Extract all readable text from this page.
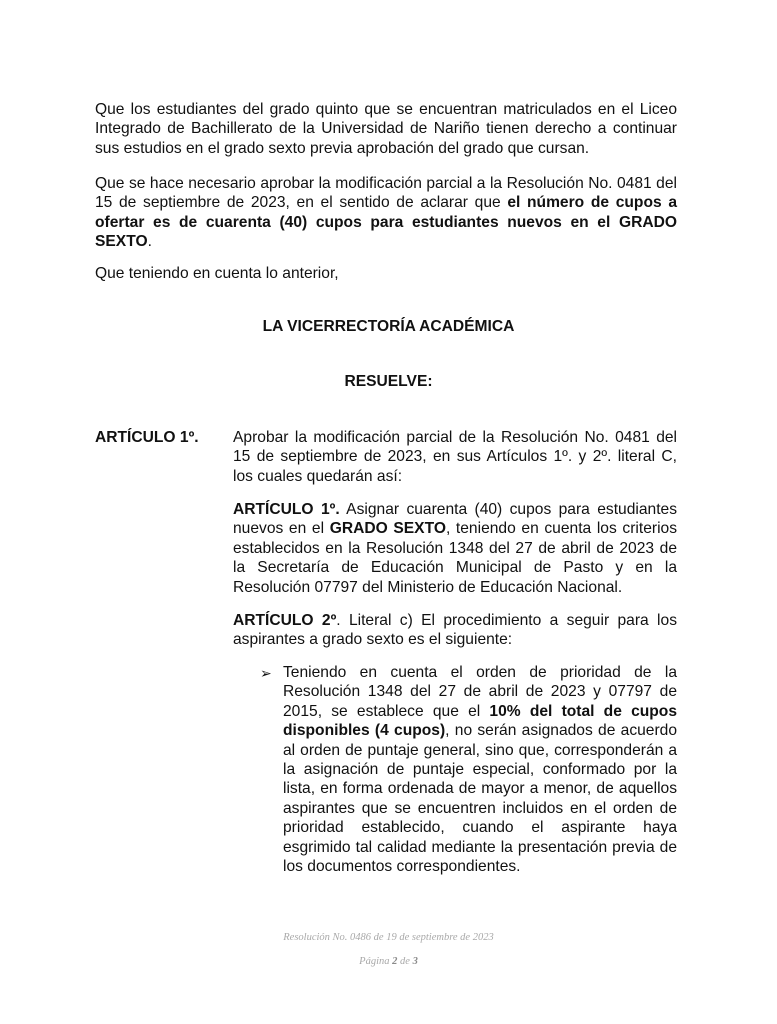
Que los estudiantes del grado quinto que se encuentran matriculados en el Liceo
Integrado de Bachillerato de la Universidad de Nariño tienen derecho a continuar
sus estudios en el grado sexto previa aprobación del grado que cursan.
Que se hace necesario aprobar la modificación parcial a la Resolución No. 0481 del
15 de septiembre de 2023, en el sentido de aclarar que el número de cupos a
ofertar es de cuarenta (40) cupos para estudiantes nuevos en el GRADO
SEXTO.
Que teniendo en cuenta lo anterior,
LA VICERRECTORÍA ACADÉMICA
RESUELVE:
ARTÍCULO 1º. Aprobar la modificación parcial de la Resolución No. 0481 del
15 de septiembre de 2023, en sus Artículos 1º. y 2º. literal C,
los cuales quedarán así:
ARTÍCULO 1º. Asignar cuarenta (40) cupos para estudiantes
nuevos en el GRADO SEXTO, teniendo en cuenta los criterios
establecidos en la Resolución 1348 del 27 de abril de 2023 de
la Secretaría de Educación Municipal de Pasto y en la
Resolución 07797 del Ministerio de Educación Nacional.
ARTÍCULO 2º. Literal c) El procedimiento a seguir para los
aspirantes a grado sexto es el siguiente:
➢ Teniendo en cuenta el orden de prioridad de la
Resolución 1348 del 27 de abril de 2023 y 07797 de
2015, se establece que el 10% del total de cupos
disponibles (4 cupos), no serán asignados de acuerdo
al orden de puntaje general, sino que, corresponderán a
la asignación de puntaje especial, conformado por la
lista, en forma ordenada de mayor a menor, de aquellos
aspirantes que se encuentren incluidos en el orden de
prioridad establecido, cuando el aspirante haya
esgrimido tal calidad mediante la presentación previa de
los documentos correspondientes.
Resolución No. 0486 de 19 de septiembre de 2023
Página 2 de 3
